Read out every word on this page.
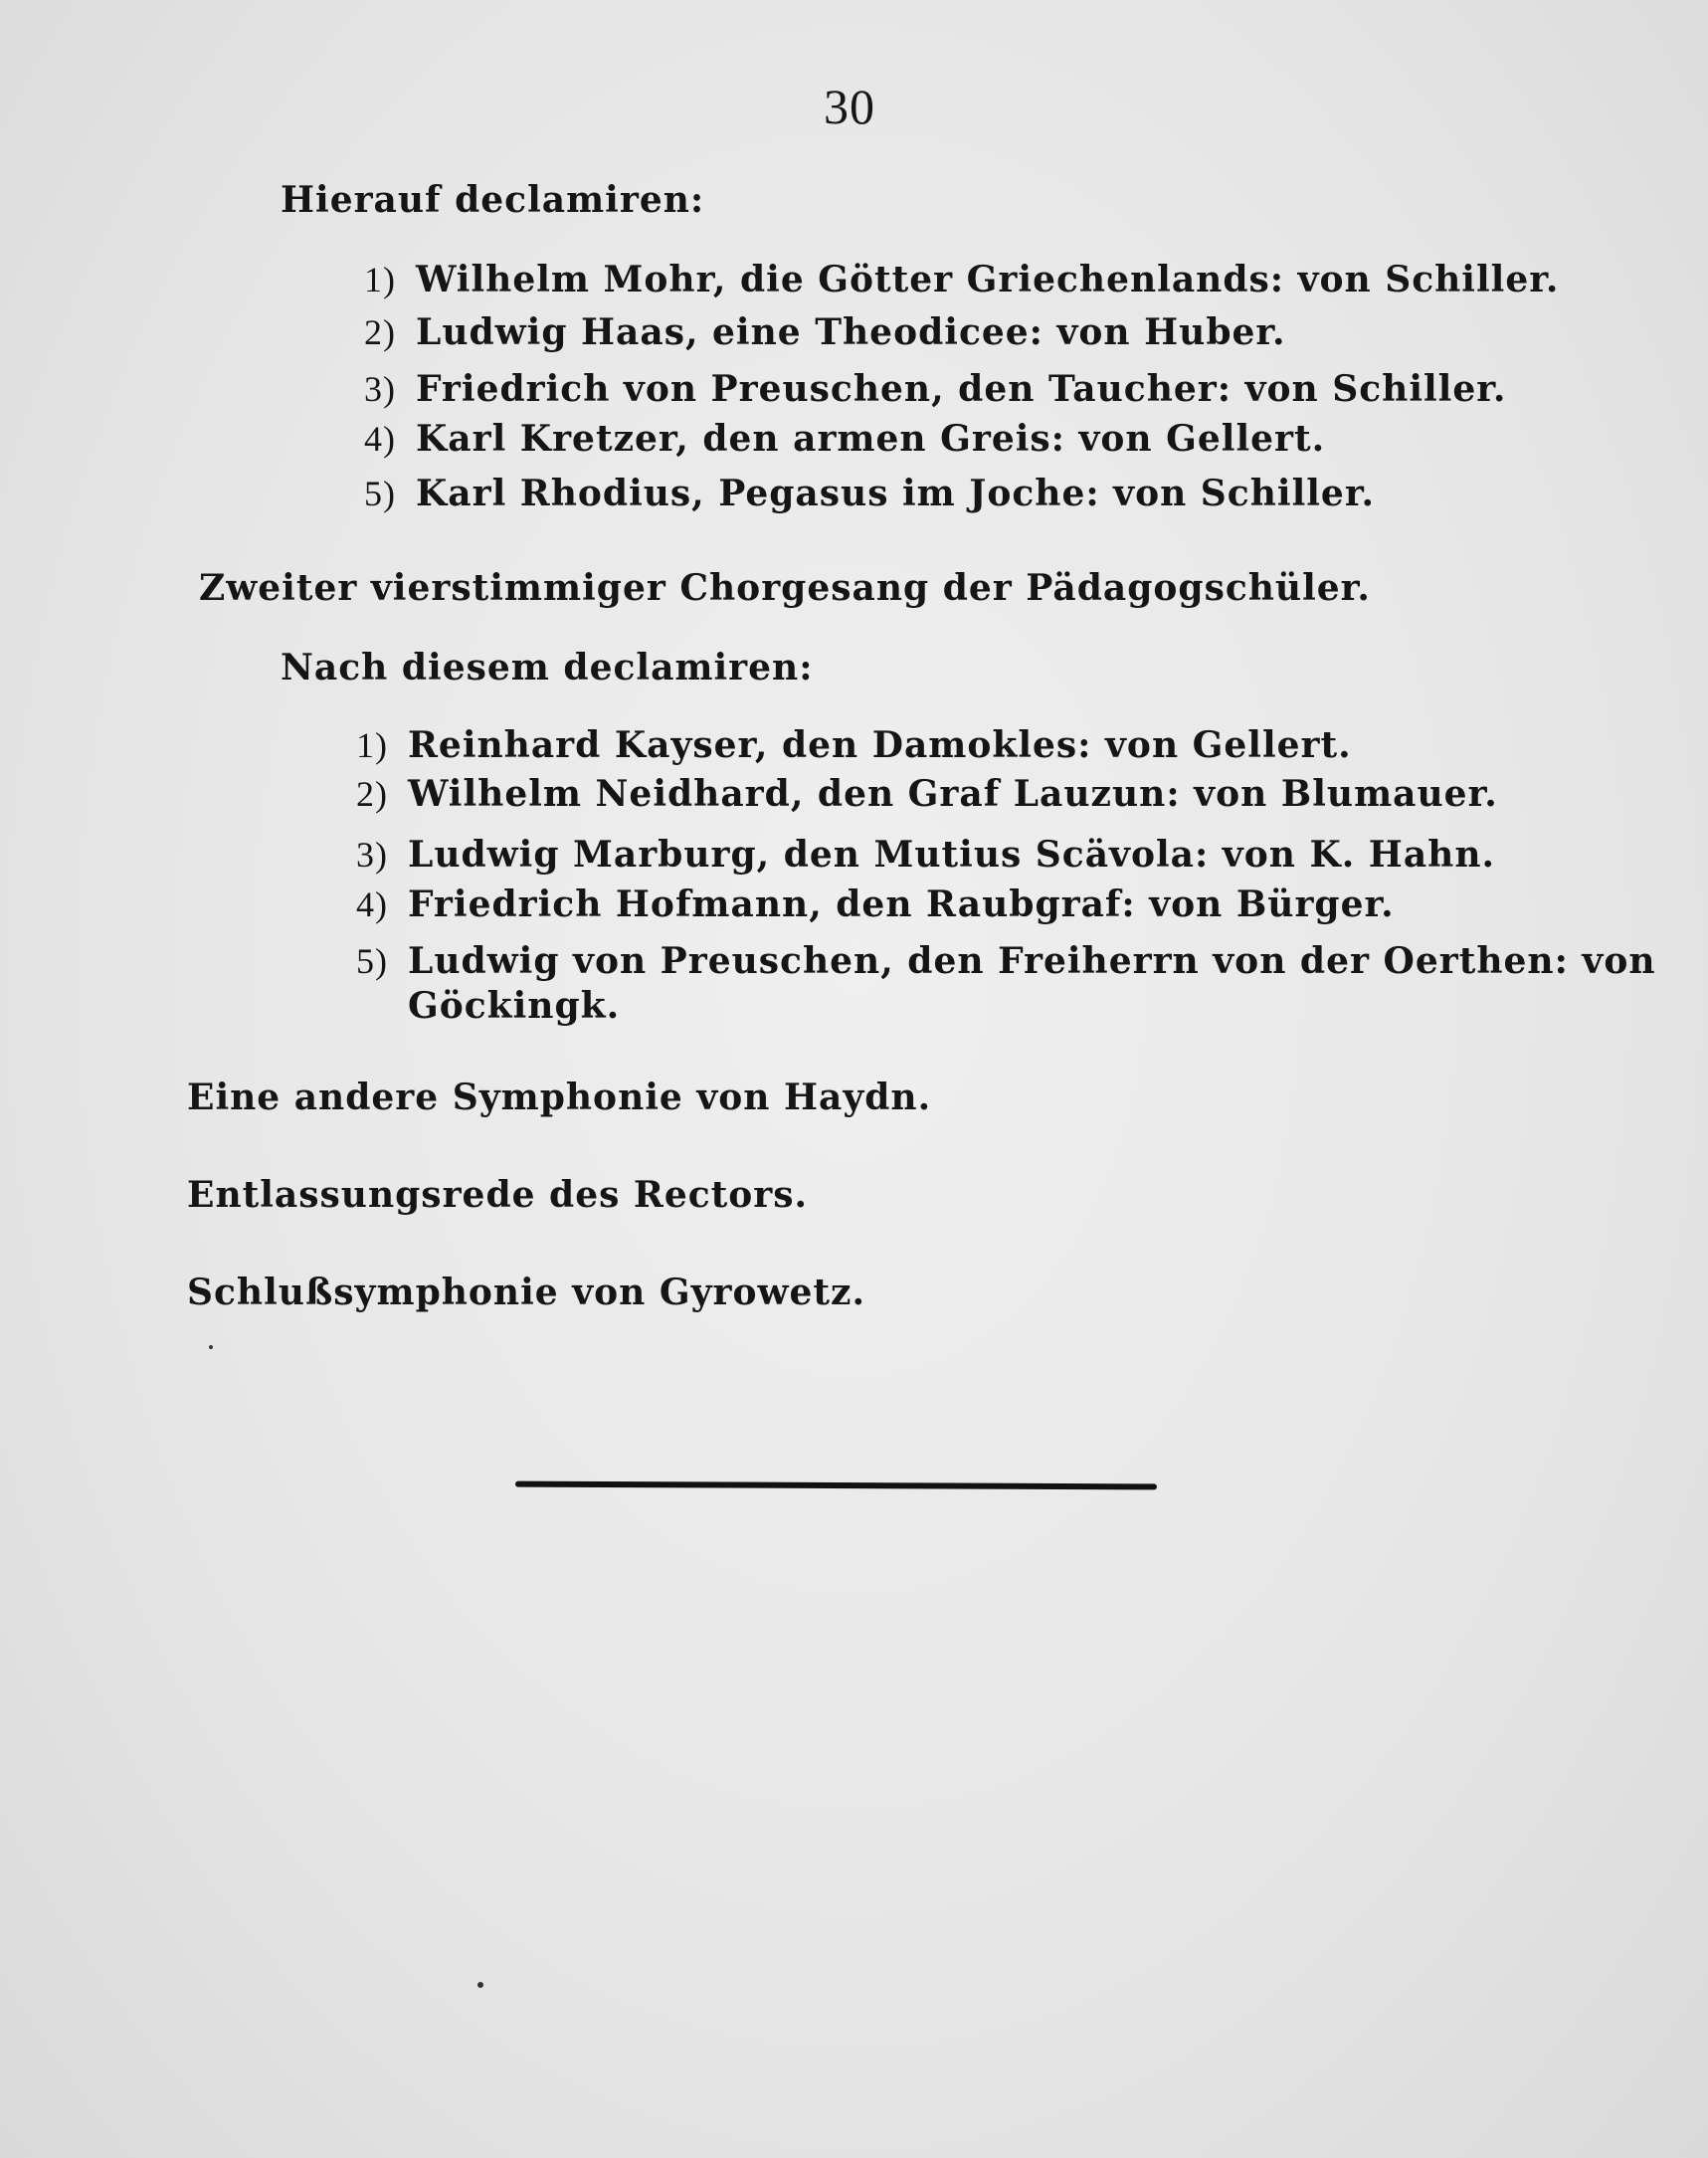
30
Hierauf declamiren:
1) Wilhelm Mohr, die Götter Griechenlands: von Schiller.
2) Ludwig Haas, eine Theodicee: von Huber.
3) Friedrich von Preuschen, den Taucher: von Schiller.
4) Karl Kretzer, den armen Greis: von Gellert.
5) Karl Rhodius, Pegasus im Joche: von Schiller.
Zweiter vierstimmiger Chorgesang der Pädagogschüler.
Nach diesem declamiren:
1) Reinhard Kayser, den Damokles: von Gellert.
2) Wilhelm Neidhard, den Graf Lauzun: von Blumauer.
3) Ludwig Marburg, den Mutius Scävola: von K. Hahn.
4) Friedrich Hofmann, den Raubgraf: von Bürger.
5) Ludwig von Preuschen, den Freiherrn von der Oerthen: von
Göckingk.
Eine andere Symphonie von Haydn.
Entlassungsrede des Rectors.
Schlußsymphonie von Gyrowetz.
